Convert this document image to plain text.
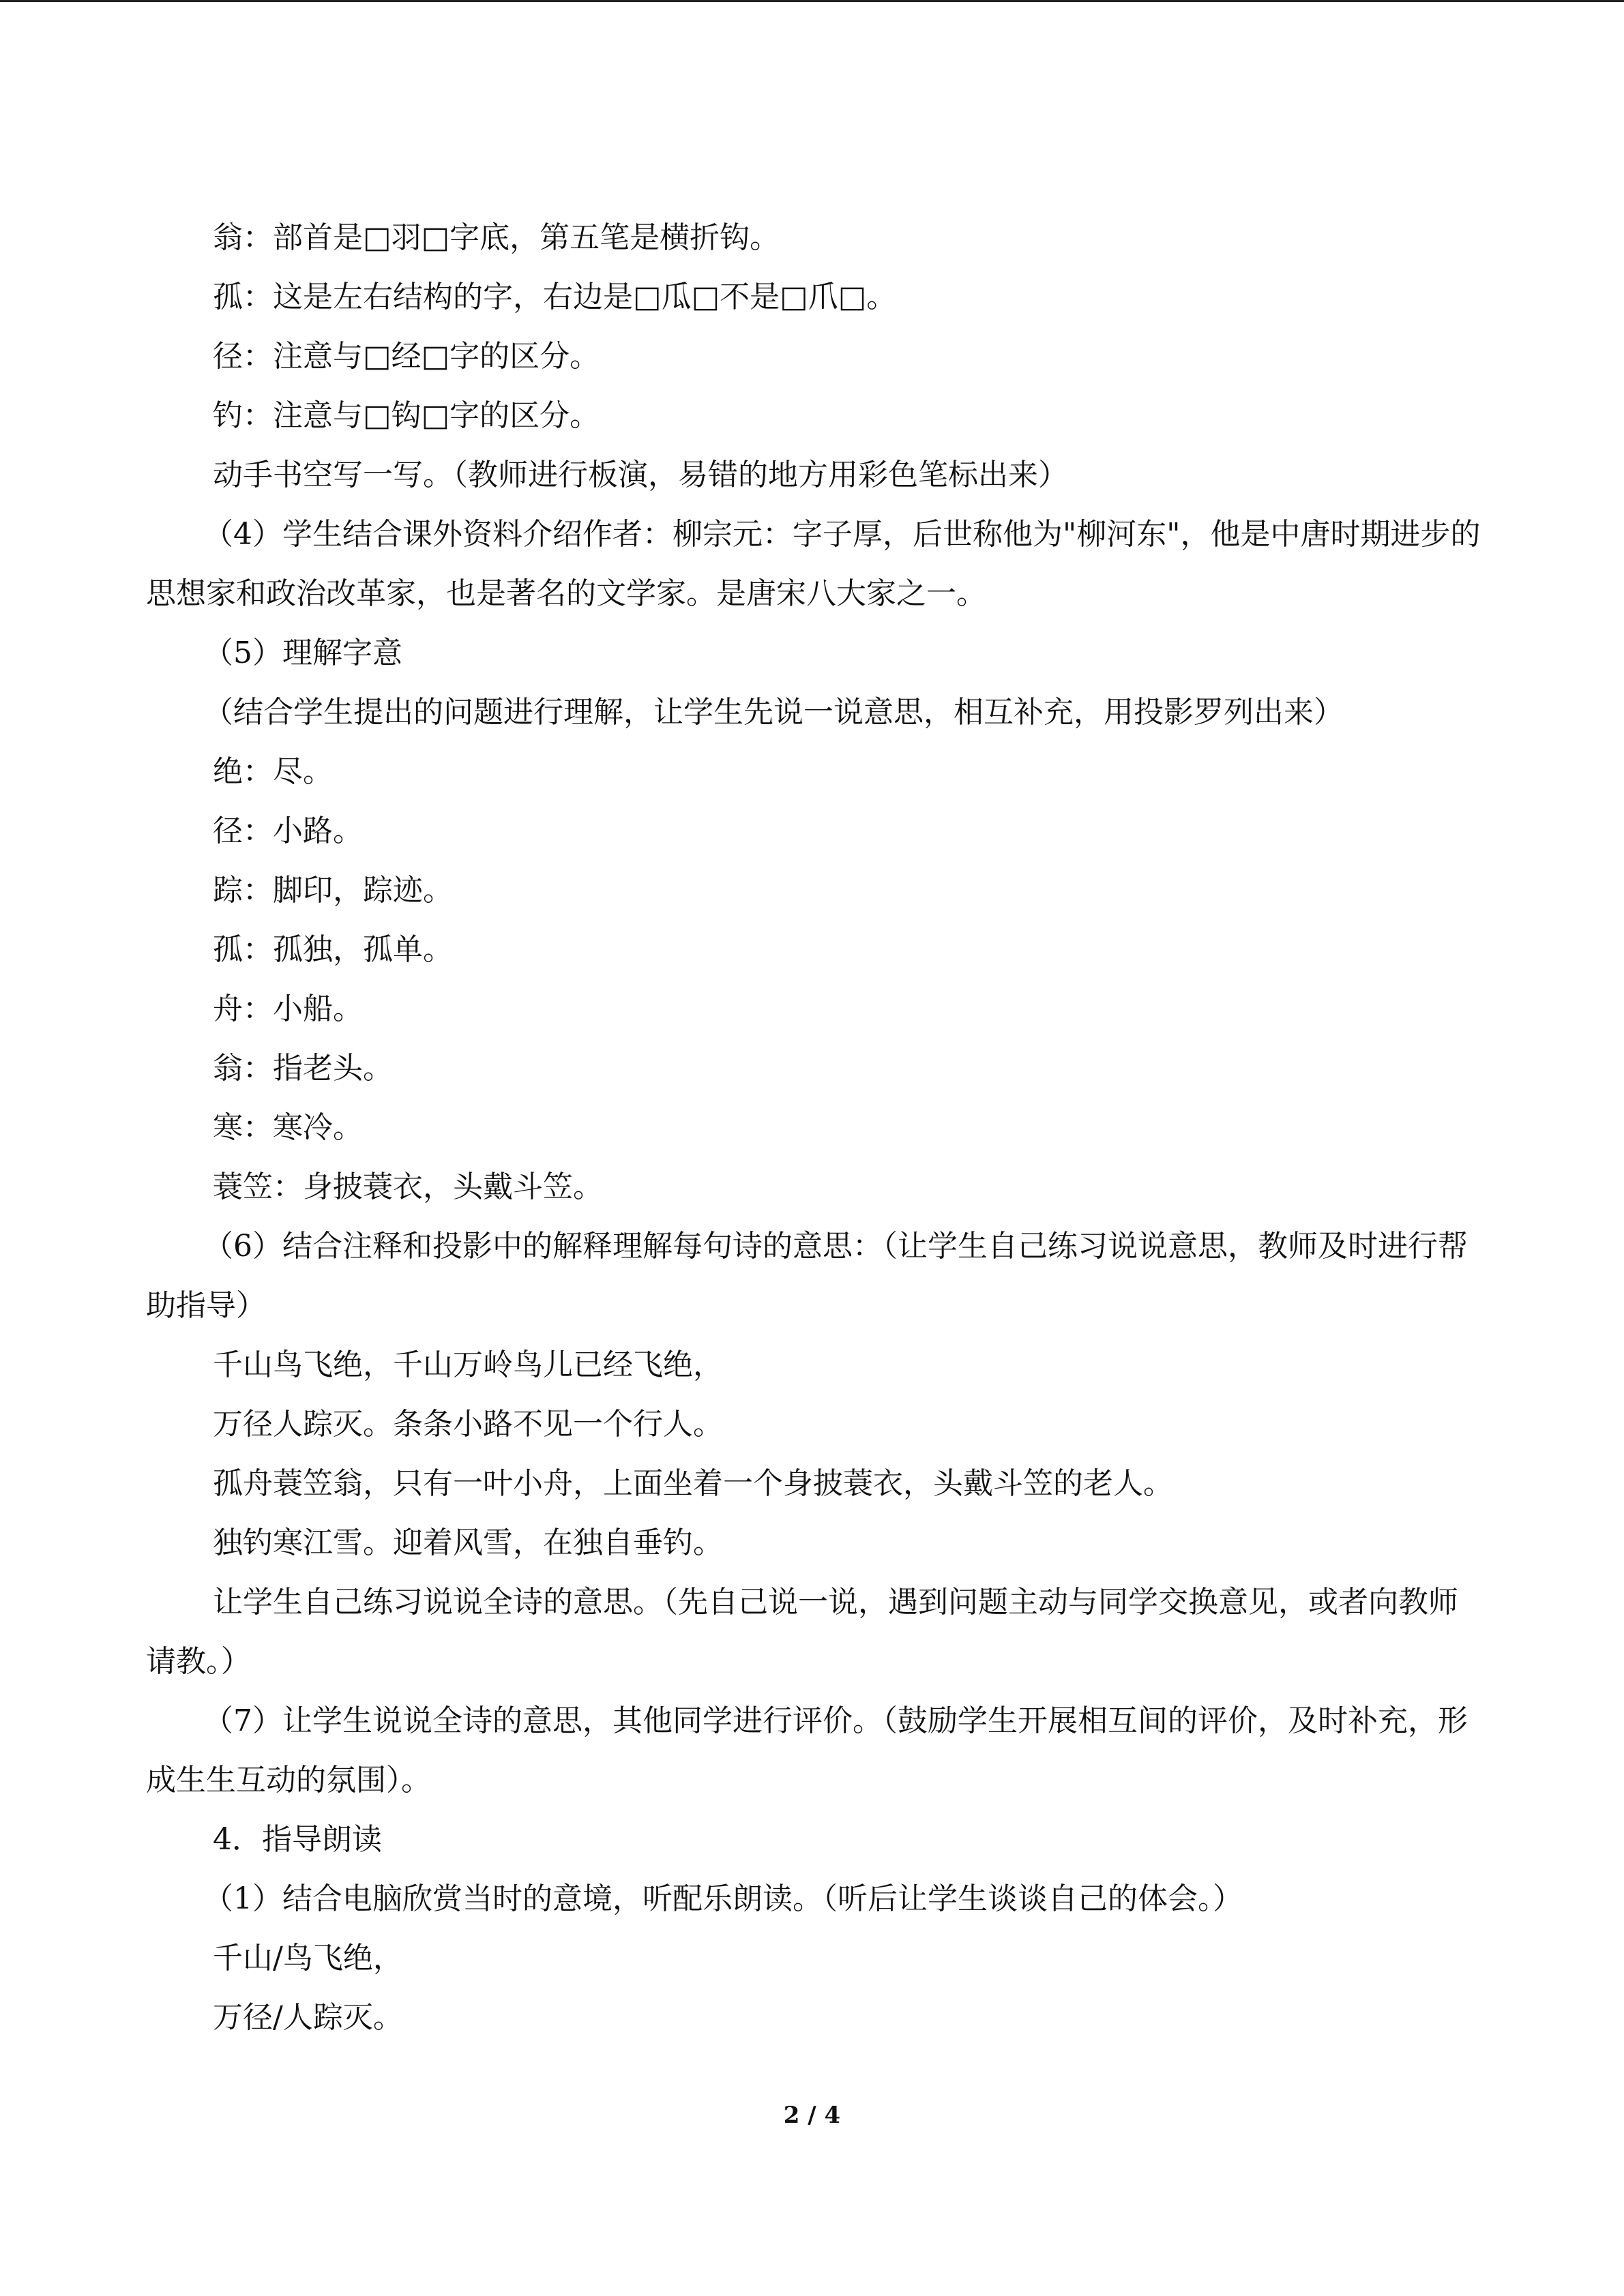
翁：部首是□羽□字底，第五笔是横折钩。

孤：这是左右结构的字，右边是□瓜□不是□爪□。

径：注意与□经□字的区分。

钓：注意与□钩□字的区分。

动手书空写一写。（教师进行板演，易错的地方用彩色笔标出来）

（4）学生结合课外资料介绍作者：柳宗元：字子厚，后世称他为"柳河东"，他是中唐时期进步的思想家和政治改革家，也是著名的文学家。是唐宋八大家之一。

（5）理解字意

（结合学生提出的问题进行理解，让学生先说一说意思，相互补充，用投影罗列出来）

绝：尽。

径：小路。

踪：脚印，踪迹。

孤：孤独，孤单。

舟：小船。

翁：指老头。

寒：寒冷。

蓑笠：身披蓑衣，头戴斗笠。

（6）结合注释和投影中的解释理解每句诗的意思：（让学生自己练习说说意思，教师及时进行帮助指导）

千山鸟飞绝，千山万岭鸟儿已经飞绝，

万径人踪灭。条条小路不见一个行人。

孤舟蓑笠翁，只有一叶小舟，上面坐着一个身披蓑衣，头戴斗笠的老人。

独钓寒江雪。迎着风雪，在独自垂钓。

让学生自己练习说说全诗的意思。（先自己说一说，遇到问题主动与同学交换意见，或者向教师请教。）

（7）让学生说说全诗的意思，其他同学进行评价。（鼓励学生开展相互间的评价，及时补充，形成生生互动的氛围）。

4．指导朗读

（1）结合电脑欣赏当时的意境，听配乐朗读。（听后让学生谈谈自己的体会。）

千山/鸟飞绝，

万径/人踪灭。

2 / 4
